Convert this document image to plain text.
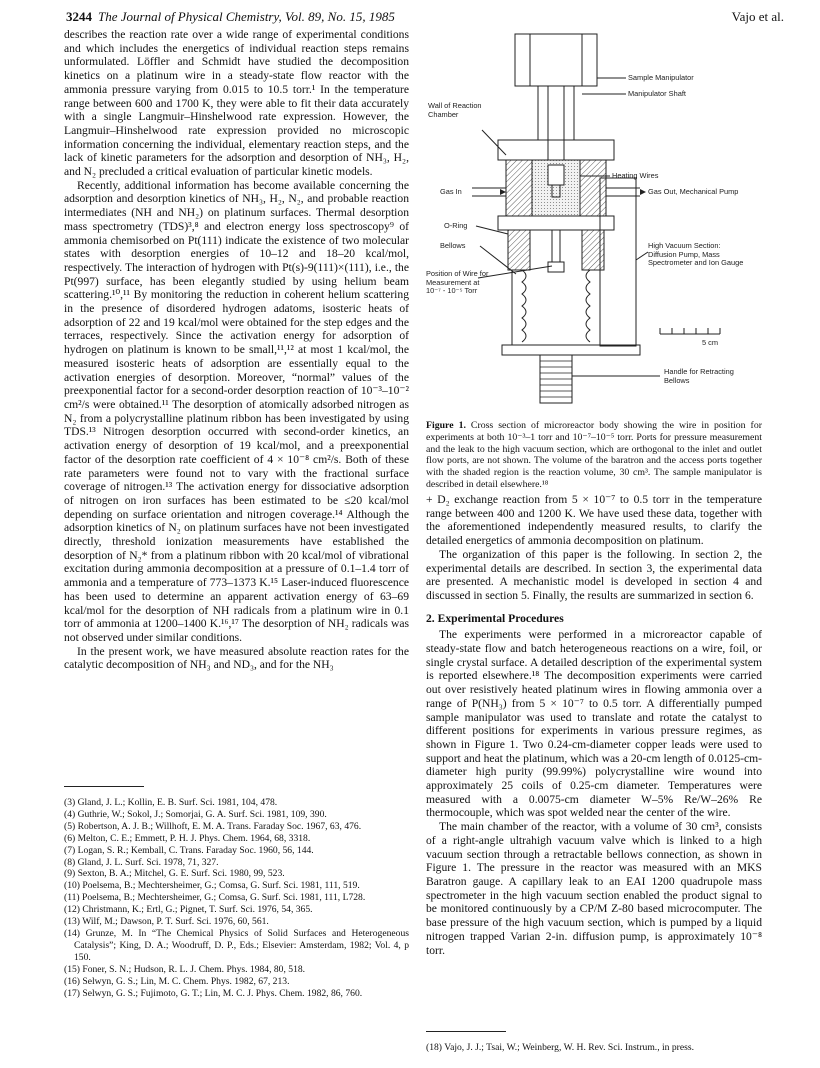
3244 The Journal of Physical Chemistry, Vol. 89, No. 15, 1985	Vajo et al.

describes the reaction rate over a wide range of experimental conditions and which includes the energetics of individual reaction steps remains unformulated. Löffler and Schmidt have studied the decomposition kinetics on a platinum wire in a steady-state flow reactor with the ammonia pressure varying from 0.015 to 10.5 torr.¹ In the temperature range between 600 and 1700 K, they were able to fit their data accurately with a single Langmuir–Hinshelwood rate expression. However, the Langmuir–Hinshelwood rate expression provided no microscopic information concerning the individual, elementary reaction steps, and the lack of kinetic parameters for the adsorption and desorption of NH₃, H₂, and N₂ precluded a critical evaluation of particular kinetic models.

Recently, additional information has become available concerning the adsorption and desorption kinetics of NH₃, H₂, N₂, and probable reaction intermediates (NH and NH₂) on platinum surfaces. Thermal desorption mass spectrometry (TDS)³,⁸ and electron energy loss spectroscopy⁹ of ammonia chemisorbed on Pt(111) indicate the existence of two molecular states with desorption energies of 10–12 and 18–20 kcal/mol, respectively. The interaction of hydrogen with Pt(s)-9(111)×(111), i.e., the Pt(997) surface, has been elegantly studied by using helium beam scattering.¹⁰,¹¹ By monitoring the reduction in coherent helium scattering in the presence of disordered hydrogen adatoms, isosteric heats of adsorption of 22 and 19 kcal/mol were obtained for the step edges and the terraces, respectively. Since the activation energy for adsorption of hydrogen on platinum is known to be small,¹¹,¹² at most 1 kcal/mol, the measured isosteric heats of adsorption are essentially equal to the activation energies of desorption. Moreover, “normal” values of the preexponential factor for a second-order desorption reaction of 10⁻³–10⁻² cm²/s were obtained.¹¹ The desorption of atomically adsorbed nitrogen as N₂ from a polycrystalline platinum ribbon has been investigated by using TDS.¹³ Nitrogen desorption occurred with second-order kinetics, an activation energy of desorption of 19 kcal/mol, and a preexponential factor of the desorption rate coefficient of 4 × 10⁻⁸ cm²/s. Both of these rate parameters were found not to vary with the fractional surface coverage of nitrogen.¹³ The activation energy for dissociative adsorption of nitrogen on iron surfaces has been estimated to be ≤20 kcal/mol depending on surface orientation and nitrogen coverage.¹⁴ Although the adsorption kinetics of N₂ on platinum surfaces have not been investigated directly, threshold ionization measurements have established the desorption of N₂* from a platinum ribbon with 20 kcal/mol of vibrational excitation during ammonia decomposition at a pressure of 0.1–1.4 torr of ammonia and a temperature of 773–1373 K.¹⁵ Laser-induced fluorescence has been used to determine an apparent activation energy of 63–69 kcal/mol for the desorption of NH radicals from a platinum wire in 0.1 torr of ammonia at 1200–1400 K.¹⁶,¹⁷ The desorption of NH₂ radicals was not observed under similar conditions.

In the present work, we have measured absolute reaction rates for the catalytic decomposition of NH₃ and ND₃, and for the NH₃

(3) Gland, J. L.; Kollin, E. B. Surf. Sci. 1981, 104, 478.

(4) Guthrie, W.; Sokol, J.; Somorjai, G. A. Surf. Sci. 1981, 109, 390.

(5) Robertson, A. J. B.; Willhoft, E. M. A. Trans. Faraday Soc. 1967, 63, 476.

(6) Melton, C. E.; Emmett, P. H. J. Phys. Chem. 1964, 68, 3318.

(7) Logan, S. R.; Kemball, C. Trans. Faraday Soc. 1960, 56, 144.

(8) Gland, J. L. Surf. Sci. 1978, 71, 327.

(9) Sexton, B. A.; Mitchel, G. E. Surf. Sci. 1980, 99, 523.

(10) Poelsema, B.; Mechtersheimer, G.; Comsa, G. Surf. Sci. 1981, 111, 519.

(11) Poelsema, B.; Mechtersheimer, G.; Comsa, G. Surf. Sci. 1981, 111, L728.

(12) Christmann, K.; Ertl, G.; Pignet, T. Surf. Sci. 1976, 54, 365.

(13) Wilf, M.; Dawson, P. T. Surf. Sci. 1976, 60, 561.

(14) Grunze, M. In “The Chemical Physics of Solid Surfaces and Heterogeneous Catalysis”; King, D. A.; Woodruff, D. P., Eds.; Elsevier: Amsterdam, 1982; Vol. 4, p 150.

(15) Foner, S. N.; Hudson, R. L. J. Chem. Phys. 1984, 80, 518.

(16) Selwyn, G. S.; Lin, M. C. Chem. Phys. 1982, 67, 213.

(17) Selwyn, G. S.; Fujimoto, G. T.; Lin, M. C. J. Phys. Chem. 1982, 86, 760.

Sample Manipulator
Manipulator Shaft
Wall of Reaction Chamber
Heating Wires
Gas In	Gas Out, Mechanical Pump
O-Ring
Bellows	High Vacuum Section: Diffusion Pump, Mass Spectrometer and Ion Gauge
Position of Wire for Measurement at 10⁻⁷ - 10⁻⁵ Torr
5 cm
Handle for Retracting Bellows
Figure 1. Cross section of microreactor body showing the wire in position for experiments at both 10⁻³–1 torr and 10⁻⁷–10⁻⁵ torr. Ports for pressure measurement and the leak to the high vacuum section, which are orthogonal to the inlet and outlet flow ports, are not shown. The volume of the baratron and the access ports together with the shaded region is the reaction volume, 30 cm³. The sample manipulator is described in detail elsewhere.¹⁸

+ D₂ exchange reaction from 5 × 10⁻⁷ to 0.5 torr in the temperature range between 400 and 1200 K. We have used these data, together with the aforementioned independently measured results, to clarify the detailed energetics of ammonia decomposition on platinum.

The organization of this paper is the following. In section 2, the experimental details are described. In section 3, the experimental data are presented. A mechanistic model is developed in section 4 and discussed in section 5. Finally, the results are summarized in section 6.

2. Experimental Procedures

The experiments were performed in a microreactor capable of steady-state flow and batch heterogeneous reactions on a wire, foil, or single crystal surface. A detailed description of the experimental system is reported elsewhere.¹⁸ The decomposition experiments were carried out over resistively heated platinum wires in flowing ammonia over a range of P(NH₃) from 5 × 10⁻⁷ to 0.5 torr. A differentially pumped sample manipulator was used to translate and rotate the catalyst to different positions for experiments in various pressure regimes, as shown in Figure 1. Two 0.24-cm-diameter copper leads were used to support and heat the platinum, which was a 20-cm length of 0.0125-cm-diameter high purity (99.99%) polycrystalline wire wound into approximately 25 coils of 0.25-cm diameter. Temperatures were measured with a 0.0075-cm diameter W–5% Re/W–26% Re thermocouple, which was spot welded near the center of the wire.

The main chamber of the reactor, with a volume of 30 cm³, consists of a right-angle ultrahigh vacuum valve which is linked to a high vacuum section through a retractable bellows connection, as shown in Figure 1. The pressure in the reactor was measured with an MKS Baratron gauge. A capillary leak to an EAI 1200 quadrupole mass spectrometer in the high vacuum section enabled the product signal to be monitored continuously by a CP/M Z-80 based microcomputer. The base pressure of the high vacuum section, which is pumped by a liquid nitrogen trapped Varian 2-in. diffusion pump, is approximately 10⁻⁸ torr.

(18) Vajo, J. J.; Tsai, W.; Weinberg, W. H. Rev. Sci. Instrum., in press.
